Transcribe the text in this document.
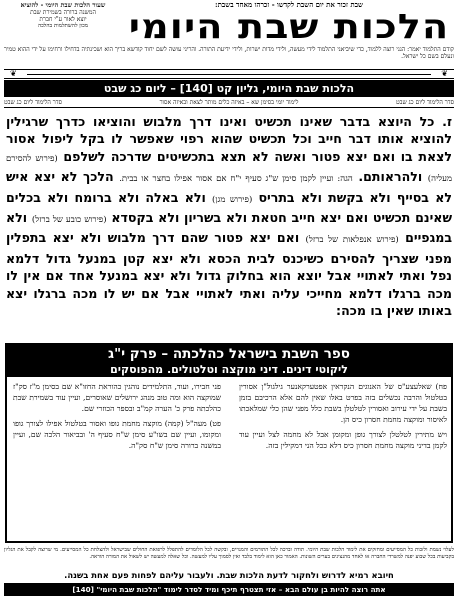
שבת זכור את יום השבת לקדשו - זכרהו מאחד בשבת:
הלכות שבת היומי
שעור הלכות שבת היומי - להוציא
המשנה ברורה בשמירת שבת
יוצא לאור ע"י חברת
מכון להשתלמות בהלכה
קודם התלמוד יאמר: הנני רוצה ללמוד, כדי שיביאני התלמוד לידי מעשה, ולידי מדות ישרות, ולידי ידיעת התורה. והריני עושה לשם יחוד קודשא בריך הוא ושכינתיה בדחילו ורחימו על ידי ההוא טמיר ונעלם בשם כל ישראל.
❦
❦
הלכות שבת היומי, גליון קט [140] – ליום כג שבט
סדר הלימוד ליום כג שבט
לימוד יומי בסימן שא – באיזה כלים מותר לצאת ובאיזה אסור
סדר הלימוד ליום כג שבט
ז. כל היוצא בדבר שאינו תכשיט ואינו דרך מלבוש והוציאו כדרך שרגילין להוציא אותו דבר חייב וכל תכשיט שהוא רפוי שאפשר לו בקל ליפול אסור לצאת בו ואם יצא פטור ואשה לא תצא בתכשיטים שדרכה לשלפם (פירוש להסירם מעליה) ולהראותם. הגה: ועיין לקמן סימן ש"ג סעיף י"ח אם אסור אפילו בחצר או בבית. הלכך לא יצא איש לא בסייף ולא בקשת ולא בתריס (פירוש מגן) ולא באלה ולא ברומח ולא בכלים שאינם תכשיט ואם יצא חייב חטאת ולא בשריון ולא בקסדא (פירוש כובע של ברזל) ולא במגפיים (פירוש אנפלאות של ברזל) ואם יצא פטור שהם דרך מלבוש ולא יצא בתפלין מפני שצריך להסירם כשיכנס לבית הכסא ולא יצא קטן במנעל גדול דלמא נפל ואתי לאתויי אבל יוצא הוא בחלוק גדול ולא יצא במנעל אחד אם אין לו מכה ברגלו דלמא מחייכי עליה ואתי לאתויי אבל אם יש לו מכה ברגלו יצא באותו שאין בו מכה:
ספר השבת בישראל כהלכתה – פרק י"ג
ליקוטי דינים. דיני מוקצה וטלטולים. מהפוסקים

פח) שאלעצע"ס של האנוגים הנקראין אפטערקאנער גילגול"ן אסורין בטלטול והרבה נכשלים בזה בפרט באלו שאין להם אלא הרכיבם בזמן בשבת על ידי עירוב ואסורין לטלטלן בשבת כלל מפני שהן כלי שמלאכתו לאיסור ומוקצה מחמת חסרון כיס הן.

ויש מתירין לטלטלן לצורך גופן ומקומן אבל לא מחמה לצל ועיין עוד לקמן בדיני מוקצה מחמת חסרון כיס דלא ככל הני דמקילין בזה.

פני חבירו, ועוד, התלמידים נוהגין כהוראת החזו"א שם בסימן מ"ז סק"ז שמוקצה הוא ומה טוב מנהג ירושלים שאוסרים, ועיין עוד בשמירת שבת כהלכתה פרק כ' הערה קמ"ב ובספר הכוזרי שם.

פט) מעה"ל (קמה) מוקצה מחמת גופו ואסור בטלטול אפילו לצורך גופו ומקומו, ועיין שם בשו"ע סימן ש"ח סעיף ה' ובביאור הלכה שם, ועיין במשנה ברורה סימן ש"ח סק"ה.

לעלוי נשמת ולזכות כל המסייעים ומחזקים את לימוד הלכות שבת היומי. תודה וברכה לכל התורמים והמנויים, ובקשה לכל הלומדים להתפלל לרפואת החולים שבישראל ולהצלחת כל המסייעים. מי שרוצה לקבל את הגליון בקביעות בכל שבוע יפנה למשרדי החברה או לאחד מהנציגים בערים השונות. האמור כאן הוא לימוד בלבד ואין לסמוך עליו למעשה. וכל שאלה למעשה יש לשאול את המורה הוראה.
חיובא רמיא לדרוש ולחקור לדעת הלכות שבת. ולעבור עליהם לפחות פעם אחת בשנה.
אתה רוצה להיות בן עולם הבא – אזי תצטרף תיכף ומיד לסדר לימוד "הלכות שבת היומי" [140]
